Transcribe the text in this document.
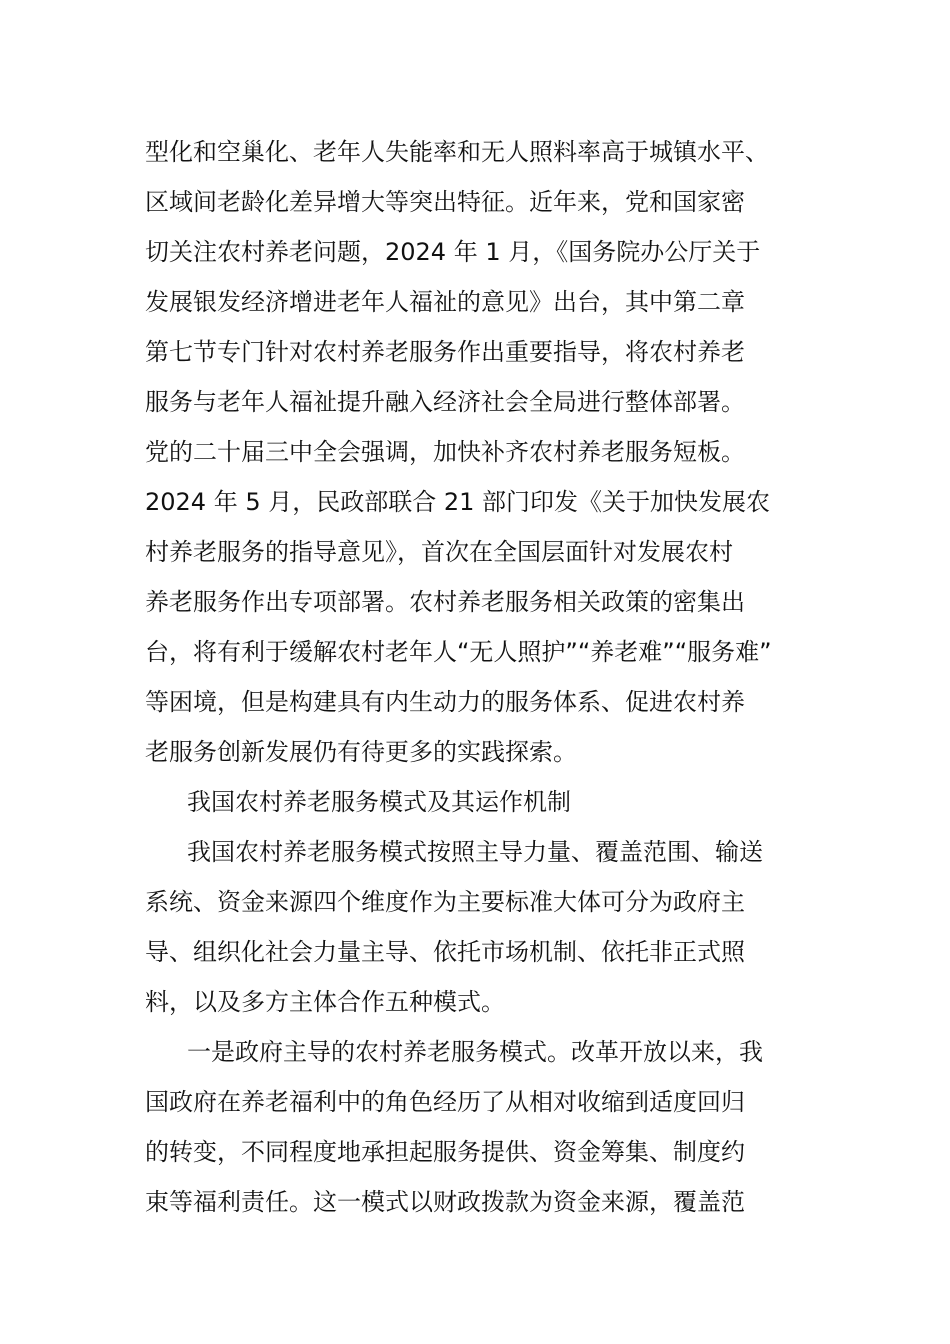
型化和空巢化、老年人失能率和无人照料率高于城镇水平、
区域间老龄化差异增大等突出特征。近年来，党和国家密
切关注农村养老问题，2024 年 1 月，《国务院办公厅关于
发展银发经济增进老年人福祉的意见》出台，其中第二章
第七节专门针对农村养老服务作出重要指导，将农村养老
服务与老年人福祉提升融入经济社会全局进行整体部署。
党的二十届三中全会强调，加快补齐农村养老服务短板。
2024 年 5 月，民政部联合 21 部门印发《关于加快发展农
村养老服务的指导意见》，首次在全国层面针对发展农村
养老服务作出专项部署。农村养老服务相关政策的密集出
台，将有利于缓解农村老年人“无人照护”“养老难”“服务难”
等困境，但是构建具有内生动力的服务体系、促进农村养
老服务创新发展仍有待更多的实践探索。
我国农村养老服务模式及其运作机制
我国农村养老服务模式按照主导力量、覆盖范围、输送
系统、资金来源四个维度作为主要标准大体可分为政府主
导、组织化社会力量主导、依托市场机制、依托非正式照
料，以及多方主体合作五种模式。
一是政府主导的农村养老服务模式。改革开放以来，我
国政府在养老福利中的角色经历了从相对收缩到适度回归
的转变，不同程度地承担起服务提供、资金筹集、制度约
束等福利责任。这一模式以财政拨款为资金来源，覆盖范
